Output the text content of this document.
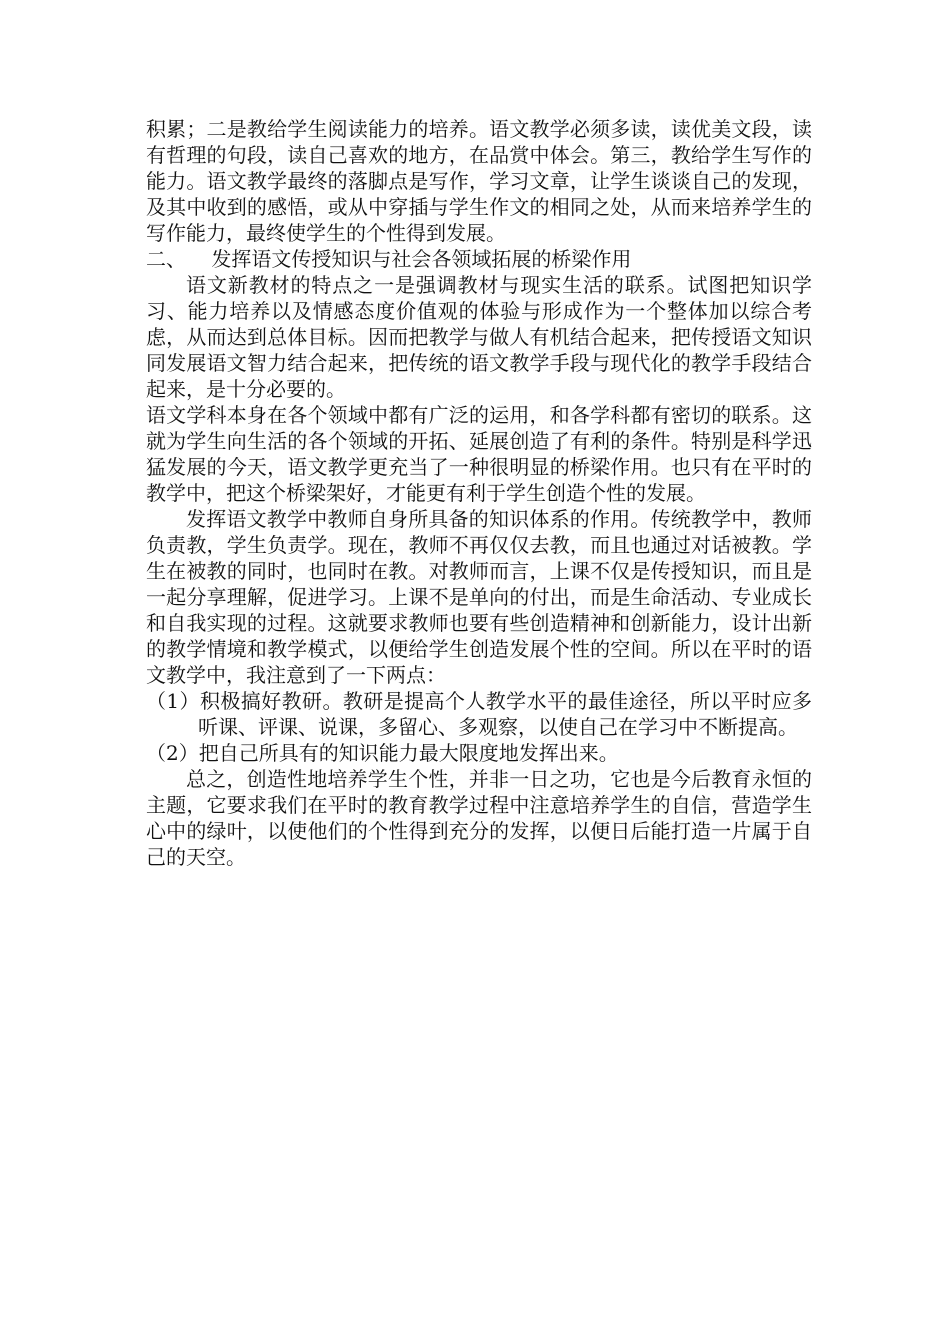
积累；二是教给学生阅读能力的培养。语文教学必须多读，读优美文段，读有哲理的句段，读自己喜欢的地方，在品赏中体会。第三，教给学生写作的能力。语文教学最终的落脚点是写作，学习文章，让学生谈谈自己的发现，及其中收到的感悟，或从中穿插与学生作文的相同之处，从而来培养学生的写作能力，最终使学生的个性得到发展。

二、    发挥语文传授知识与社会各领域拓展的桥梁作用

语文新教材的特点之一是强调教材与现实生活的联系。试图把知识学习、能力培养以及情感态度价值观的体验与形成作为一个整体加以综合考虑，从而达到总体目标。因而把教学与做人有机结合起来，把传授语文知识同发展语文智力结合起来，把传统的语文教学手段与现代化的教学手段结合起来，是十分必要的。

语文学科本身在各个领域中都有广泛的运用，和各学科都有密切的联系。这就为学生向生活的各个领域的开拓、延展创造了有利的条件。特别是科学迅猛发展的今天，语文教学更充当了一种很明显的桥梁作用。也只有在平时的教学中，把这个桥梁架好，才能更有利于学生创造个性的发展。

发挥语文教学中教师自身所具备的知识体系的作用。传统教学中，教师负责教，学生负责学。现在，教师不再仅仅去教，而且也通过对话被教。学生在被教的同时，也同时在教。对教师而言，上课不仅是传授知识，而且是一起分享理解，促进学习。上课不是单向的付出，而是生命活动、专业成长和自我实现的过程。这就要求教师也要有些创造精神和创新能力，设计出新的教学情境和教学模式，以便给学生创造发展个性的空间。所以在平时的语文教学中，我注意到了一下两点：

（1）积极搞好教研。教研是提高个人教学水平的最佳途径，所以平时应多听课、评课、说课，多留心、多观察，以使自己在学习中不断提高。

（2）把自己所具有的知识能力最大限度地发挥出来。

总之，创造性地培养学生个性，并非一日之功，它也是今后教育永恒的主题，它要求我们在平时的教育教学过程中注意培养学生的自信，营造学生心中的绿叶，以使他们的个性得到充分的发挥，以便日后能打造一片属于自己的天空。
